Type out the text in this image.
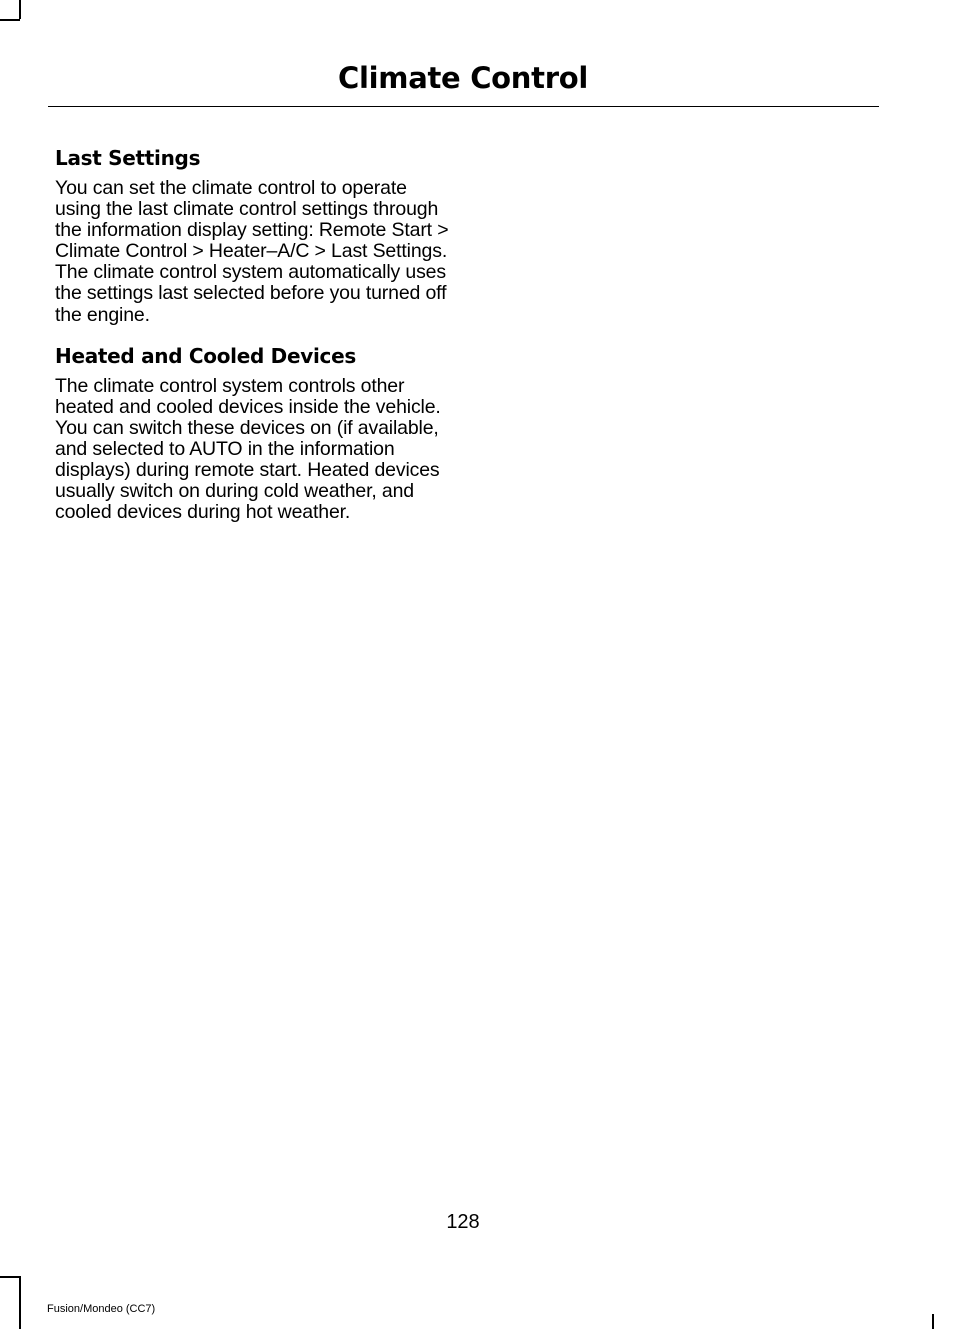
Climate Control
Last Settings

You can set the climate control to operate using the last climate control settings through the information display setting: Remote Start > Climate Control > Heater–A/C > Last Settings. The climate control system automatically uses the settings last selected before you turned off the engine.

Heated and Cooled Devices

The climate control system controls other heated and cooled devices inside the vehicle. You can switch these devices on (if available, and selected to AUTO in the information displays) during remote start. Heated devices usually switch on during cold weather, and cooled devices during hot weather.

128
Fusion/Mondeo (CC7)
